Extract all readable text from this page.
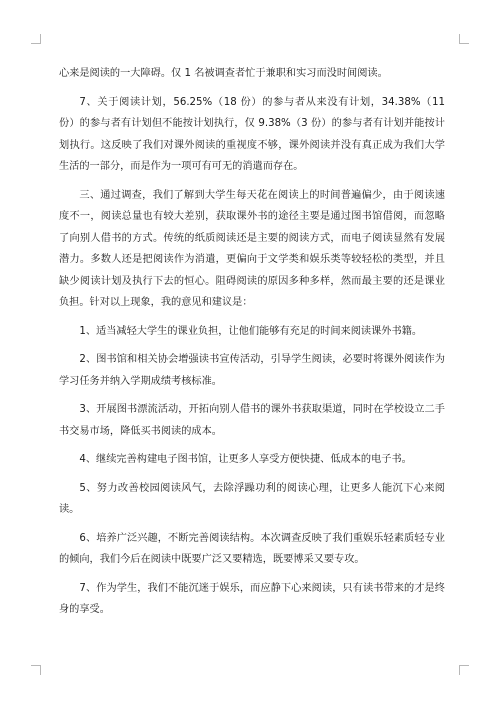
心来是阅读的一大障碍。仅 1 名被调查者忙于兼职和实习而没时间阅读。

7、关于阅读计划，56.25%（18 份）的参与者从来没有计划，34.38%（11 份）的参与者有计划但不能按计划执行，仅 9.38%（3 份）的参与者有计划并能按计划执行。这反映了我们对课外阅读的重视度不够，课外阅读并没有真正成为我们大学生活的一部分，而是作为一项可有可无的消遣而存在。

三、通过调查，我们了解到大学生每天花在阅读上的时间普遍偏少，由于阅读速度不一，阅读总量也有较大差别，获取课外书的途径主要是通过图书馆借阅，而忽略了向别人借书的方式。传统的纸质阅读还是主要的阅读方式，而电子阅读显然有发展潜力。多数人还是把阅读作为消遣，更偏向于文学类和娱乐类等较轻松的类型，并且缺少阅读计划及执行下去的恒心。阻碍阅读的原因多种多样，然而最主要的还是课业负担。针对以上现象，我的意见和建议是：

1、适当减轻大学生的课业负担，让他们能够有充足的时间来阅读课外书籍。

2、图书馆和相关协会增强读书宣传活动，引导学生阅读，必要时将课外阅读作为学习任务并纳入学期成绩考核标准。

3、开展图书漂流活动，开拓向别人借书的课外书获取渠道，同时在学校设立二手书交易市场，降低买书阅读的成本。

4、继续完善构建电子图书馆，让更多人享受方便快捷、低成本的电子书。

5、努力改善校园阅读风气，去除浮躁功利的阅读心理，让更多人能沉下心来阅读。

6、培养广泛兴趣，不断完善阅读结构。本次调查反映了我们重娱乐轻素质轻专业的倾向，我们今后在阅读中既要广泛又要精选，既要博采又要专攻。

7、作为学生，我们不能沉迷于娱乐，而应静下心来阅读，只有读书带来的才是终身的享受。
